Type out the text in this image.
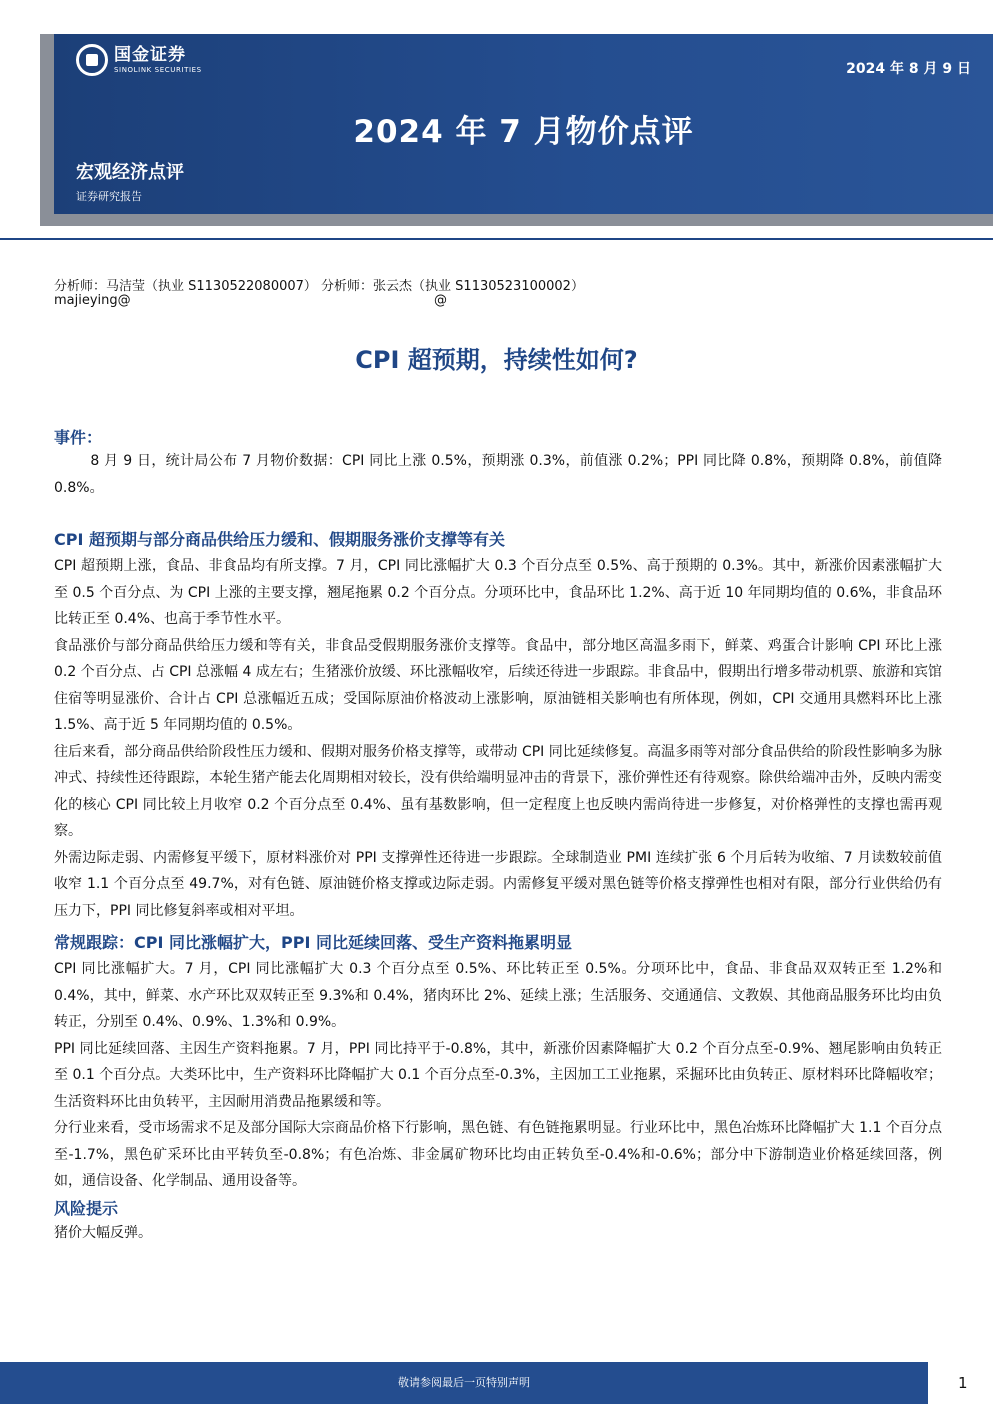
国金证券
SINOLINK SECURITIES	2024 年 8 月 9 日
2024 年 7 月物价点评
宏观经济点评
证券研究报告
分析师：马洁莹（执业 S1130522080007） 分析师：张云杰（执业 S1130523100002）
majieying@	@
CPI 超预期，持续性如何?
事件：

8 月 9 日，统计局公布 7 月物价数据：CPI 同比上涨 0.5%，预期涨 0.3%，前值涨 0.2%；PPI 同比降 0.8%，预期降 0.8%，前值降 0.8%。

CPI 超预期与部分商品供给压力缓和、假期服务涨价支撑等有关

CPI 超预期上涨，食品、非食品均有所支撑。7 月，CPI 同比涨幅扩大 0.3 个百分点至 0.5%、高于预期的 0.3%。其中，新涨价因素涨幅扩大至 0.5 个百分点、为 CPI 上涨的主要支撑，翘尾拖累 0.2 个百分点。分项环比中，食品环比 1.2%、高于近 10 年同期均值的 0.6%，非食品环比转正至 0.4%、也高于季节性水平。

食品涨价与部分商品供给压力缓和等有关，非食品受假期服务涨价支撑等。食品中，部分地区高温多雨下，鲜菜、鸡蛋合计影响 CPI 环比上涨 0.2 个百分点、占 CPI 总涨幅 4 成左右；生猪涨价放缓、环比涨幅收窄，后续还待进一步跟踪。非食品中，假期出行增多带动机票、旅游和宾馆住宿等明显涨价、合计占 CPI 总涨幅近五成；受国际原油价格波动上涨影响，原油链相关影响也有所体现，例如，CPI 交通用具燃料环比上涨 1.5%、高于近 5 年同期均值的 0.5%。

往后来看，部分商品供给阶段性压力缓和、假期对服务价格支撑等，或带动 CPI 同比延续修复。高温多雨等对部分食品供给的阶段性影响多为脉冲式、持续性还待跟踪，本轮生猪产能去化周期相对较长，没有供给端明显冲击的背景下，涨价弹性还有待观察。除供给端冲击外，反映内需变化的核心 CPI 同比较上月收窄 0.2 个百分点至 0.4%、虽有基数影响，但一定程度上也反映内需尚待进一步修复，对价格弹性的支撑也需再观察。

外需边际走弱、内需修复平缓下，原材料涨价对 PPI 支撑弹性还待进一步跟踪。全球制造业 PMI 连续扩张 6 个月后转为收缩、7 月读数较前值收窄 1.1 个百分点至 49.7%，对有色链、原油链价格支撑或边际走弱。内需修复平缓对黑色链等价格支撑弹性也相对有限，部分行业供给仍有压力下，PPI 同比修复斜率或相对平坦。

常规跟踪：CPI 同比涨幅扩大，PPI 同比延续回落、受生产资料拖累明显

CPI 同比涨幅扩大。7 月，CPI 同比涨幅扩大 0.3 个百分点至 0.5%、环比转正至 0.5%。分项环比中，食品、非食品双双转正至 1.2%和 0.4%，其中，鲜菜、水产环比双双转正至 9.3%和 0.4%，猪肉环比 2%、延续上涨；生活服务、交通通信、文教娱、其他商品服务环比均由负转正，分别至 0.4%、0.9%、1.3%和 0.9%。

PPI 同比延续回落、主因生产资料拖累。7 月，PPI 同比持平于-0.8%，其中，新涨价因素降幅扩大 0.2 个百分点至-0.9%、翘尾影响由负转正至 0.1 个百分点。大类环比中，生产资料环比降幅扩大 0.1 个百分点至-0.3%，主因加工工业拖累，采掘环比由负转正、原材料环比降幅收窄；生活资料环比由负转平，主因耐用消费品拖累缓和等。

分行业来看，受市场需求不足及部分国际大宗商品价格下行影响，黑色链、有色链拖累明显。行业环比中，黑色冶炼环比降幅扩大 1.1 个百分点至-1.7%，黑色矿采环比由平转负至-0.8%；有色冶炼、非金属矿物环比均由正转负至-0.4%和-0.6%；部分中下游制造业价格延续回落，例如，通信设备、化学制品、通用设备等。

风险提示

猪价大幅反弹。

敬请参阅最后一页特别声明	1
